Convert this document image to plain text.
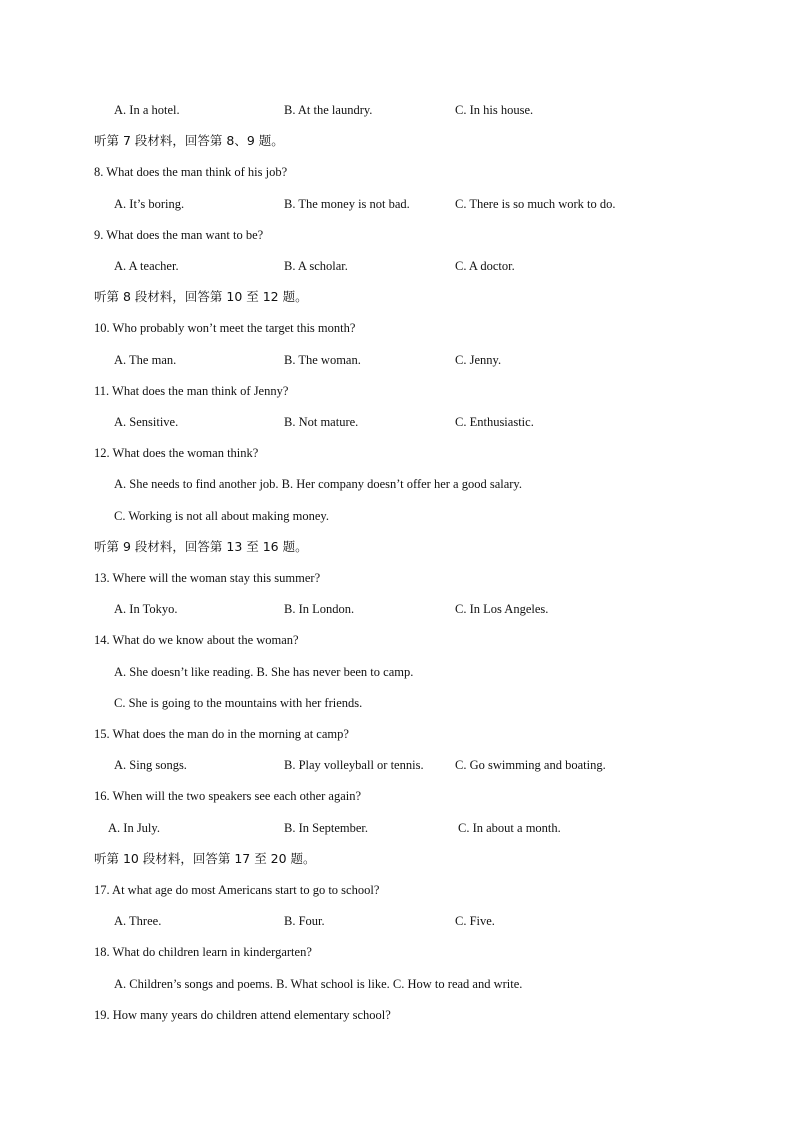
A. In a hotel.	B. At the laundry.	C. In his house.
听第 7 段材料，回答第 8、9 题。
8. What does the man think of his job?
A. It’s boring.	B. The money is not bad.	C. There is so much work to do.
9. What does the man want to be?
A. A teacher.	B. A scholar.	C. A doctor.
听第 8 段材料，回答第 10 至 12 题。
10. Who probably won’t meet the target this month?
A. The man.	B. The woman.	C. Jenny.
11. What does the man think of Jenny?
A. Sensitive.	B. Not mature.	C. Enthusiastic.
12. What does the woman think?
A. She needs to find another job. B. Her company doesn’t offer her a good salary.
C. Working is not all about making money.
听第 9 段材料，回答第 13 至 16 题。
13. Where will the woman stay this summer?
A. In Tokyo.	B. In London.	C. In Los Angeles.
14. What do we know about the woman?
A. She doesn’t like reading. B. She has never been to camp.
C. She is going to the mountains with her friends.
15. What does the man do in the morning at camp?
A. Sing songs.	B. Play volleyball or tennis.	C. Go swimming and boating.
16. When will the two speakers see each other again?
A. In July.	B. In September.	C. In about a month.
听第 10 段材料，回答第 17 至 20 题。
17. At what age do most Americans start to go to school?
A. Three.	B. Four.	C. Five.
18. What do children learn in kindergarten?
A. Children’s songs and poems. B. What school is like. C. How to read and write.
19. How many years do children attend elementary school?
